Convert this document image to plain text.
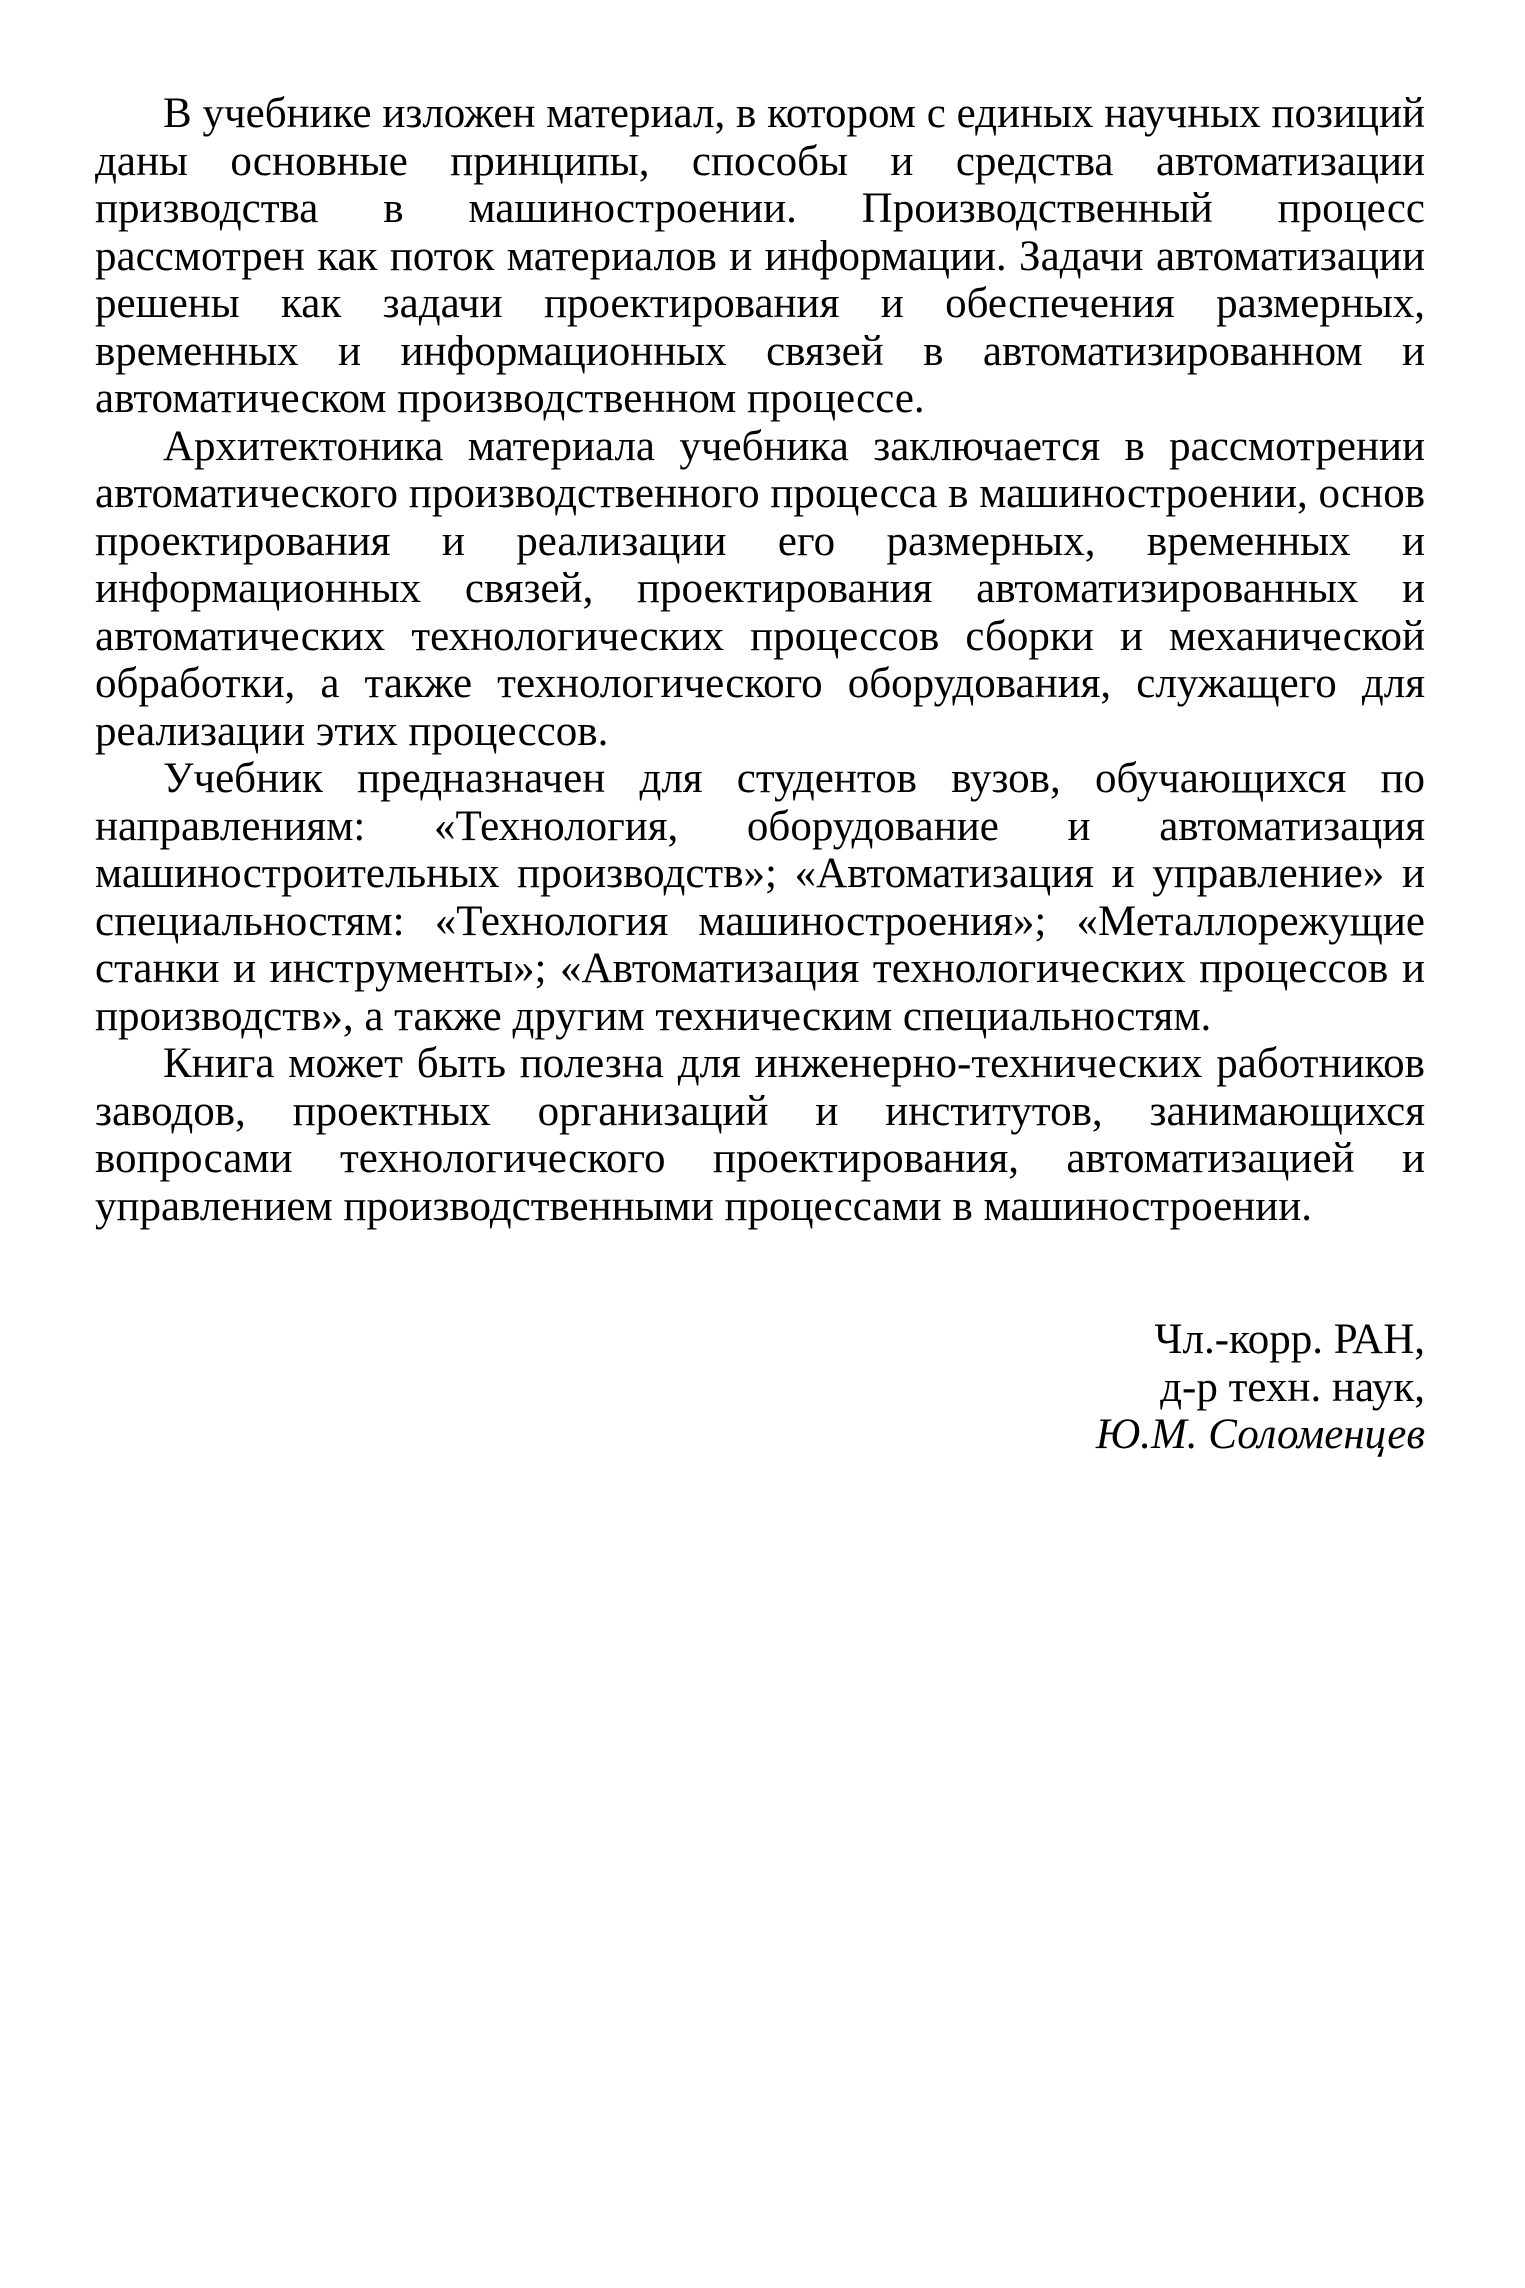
В учебнике изложен материал, в котором с единых научных позиций даны основные принципы, способы и средства автоматизации призводства в машиностроении. Производственный процесс рассмотрен как поток материалов и информации. Задачи автоматизации решены как задачи проектирования и обеспечения размерных, временных и информационных связей в автоматизированном и автоматическом производственном процессе.

Архитектоника материала учебника заключается в рассмотрении автоматического производственного процесса в машиностроении, основ проектирования и реализации его размерных, временных и информационных связей, проектирования автоматизированных и автоматических технологических процессов сборки и механической обработки, а также технологического оборудования, служащего для реализации этих процессов.

Учебник предназначен для студентов вузов, обучающихся по направлениям: «Технология, оборудование и автоматизация машиностроительных производств»; «Автоматизация и управление» и специальностям: «Технология машиностроения»; «Металлорежущие станки и инструменты»; «Автоматизация технологических процессов и производств», а также другим техническим специальностям.

Книга может быть полезна для инженерно-технических работников заводов, проектных организаций и институтов, занимающихся вопросами технологического проектирования, автоматизацией и управлением производственными процессами в машиностроении.

Чл.-корр. РАН,
д-р техн. наук,
Ю.М. Соломенцев
